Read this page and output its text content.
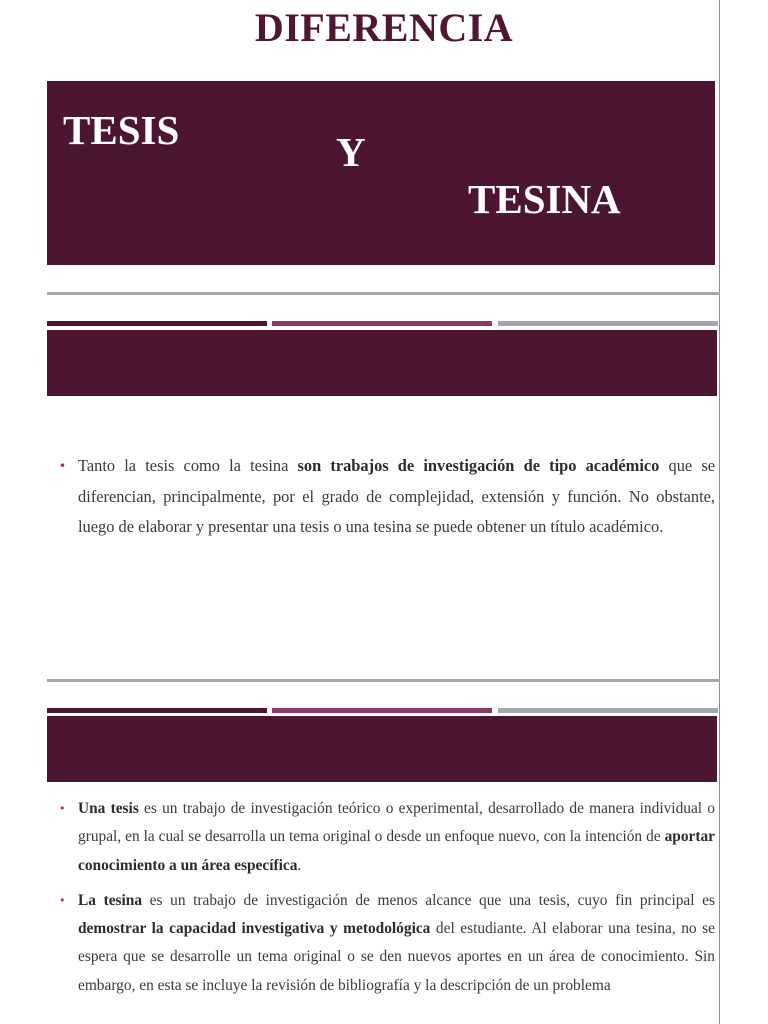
DIFERENCIA
TESIS	Y
TESINA
• Tanto la tesis como la tesina son trabajos de investigación de tipo académico que se diferencian, principalmente, por el grado de complejidad, extensión y función. No obstante, luego de elaborar y presentar una tesis o una tesina se puede obtener un título académico.
• Una tesis es un trabajo de investigación teórico o experimental, desarrollado de manera individual o grupal, en la cual se desarrolla un tema original o desde un enfoque nuevo, con la intención de aportar conocimiento a un área específica.
• La tesina es un trabajo de investigación de menos alcance que una tesis, cuyo fin principal es demostrar la capacidad investigativa y metodológica del estudiante. Al elaborar una tesina, no se espera que se desarrolle un tema original o se den nuevos aportes en un área de conocimiento. Sin embargo, en esta se incluye la revisión de bibliografía y la descripción de un problema
